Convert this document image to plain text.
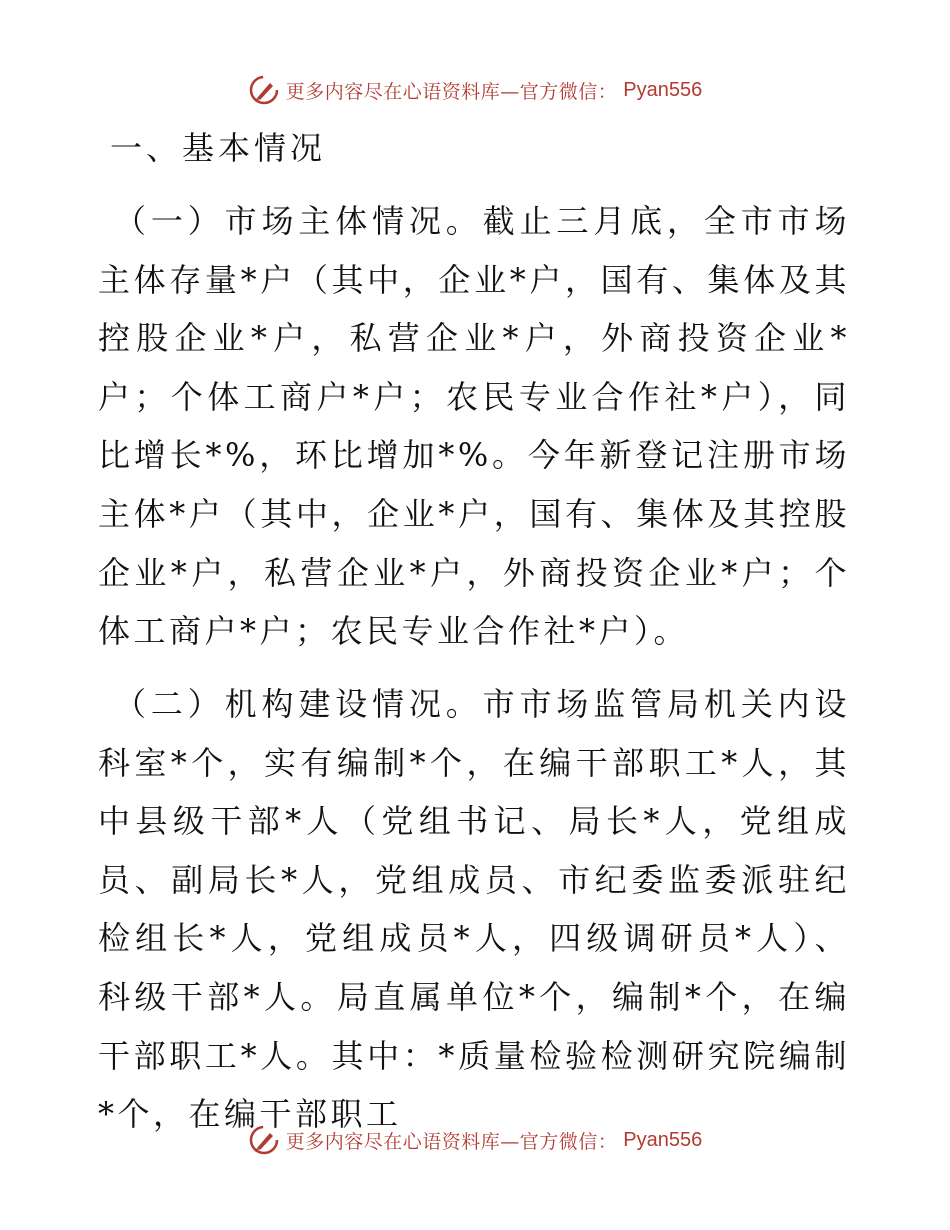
更多内容尽在心语资料库—官方微信： Pyan556
一、基本情况

（一）市场主体情况。截止三月底，全市市场主体存量*户（其中，企业*户，国有、集体及其控股企业*户，私营企业*户，外商投资企业*户；个体工商户*户；农民专业合作社*户），同比增长*%，环比增加*%。今年新登记注册市场主体*户（其中，企业*户，国有、集体及其控股企业*户，私营企业*户，外商投资企业*户；个体工商户*户；农民专业合作社*户）。

（二）机构建设情况。市市场监管局机关内设科室*个，实有编制*个，在编干部职工*人，其中县级干部*人（党组书记、局长*人，党组成员、副局长*人，党组成员、市纪委监委派驻纪检组长*人，党组成员*人，四级调研员*人）、科级干部*人。局直属单位*个，编制*个，在编干部职工*人。其中：*质量检验检测研究院编制*个，在编干部职工

更多内容尽在心语资料库—官方微信： Pyan556
